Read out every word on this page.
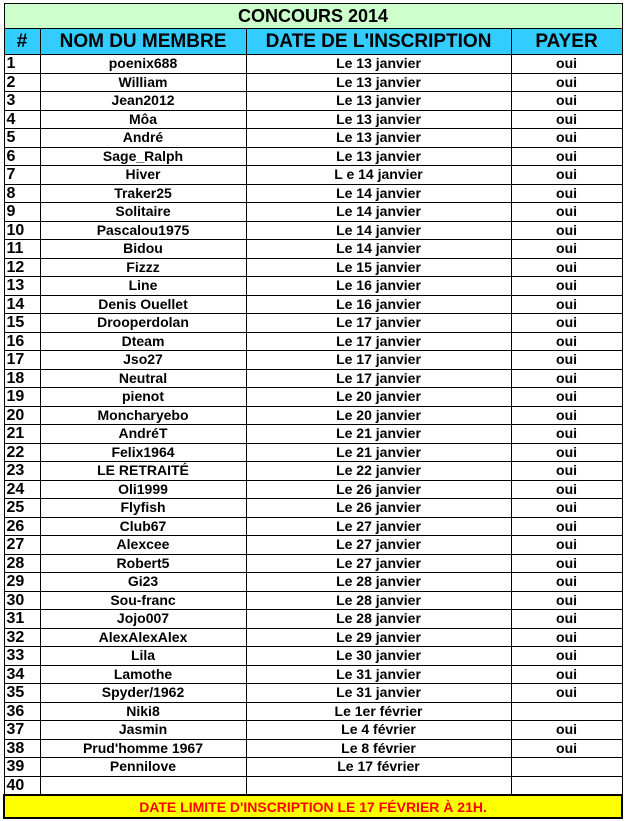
CONCOURS 2014			
#	NOM DU MEMBRE	DATE DE L'INSCRIPTION	PAYER
1	poenix688	Le 13 janvier	oui
2	William	Le 13 janvier	oui
3	Jean2012	Le 13 janvier	oui
4	Môa	Le 13 janvier	oui
5	André	Le 13 janvier	oui
6	Sage_Ralph	Le 13 janvier	oui
7	Hiver	L e 14 janvier	oui
8	Traker25	Le 14 janvier	oui
9	Solitaire	Le 14 janvier	oui
10	Pascalou1975	Le 14 janvier	oui
11	Bidou	Le 14 janvier	oui
12	Fizzz	Le 15 janvier	oui
13	Line	Le 16 janvier	oui
14	Denis Ouellet	Le 16 janvier	oui
15	Drooperdolan	Le 17 janvier	oui
16	Dteam	Le 17 janvier	oui
17	Jso27	Le 17 janvier	oui
18	Neutral	Le 17 janvier	oui
19	pienot	Le 20 janvier	oui
20	Moncharyebo	Le 20 janvier	oui
21	AndréT	Le 21 janvier	oui
22	Felix1964	Le 21 janvier	oui
23	LE RETRAITÉ	Le 22 janvier	oui
24	Oli1999	Le 26 janvier	oui
25	Flyfish	Le 26 janvier	oui
26	Club67	Le 27 janvier	oui
27	Alexcee	Le 27 janvier	oui
28	Robert5	Le 27 janvier	oui
29	Gi23	Le 28 janvier	oui
30	Sou-franc	Le 28 janvier	oui
31	Jojo007	Le 28 janvier	oui
32	AlexAlexAlex	Le 29 janvier	oui
33	Lila	Le 30 janvier	oui
34	Lamothe	Le 31 janvier	oui
35	Spyder/1962	Le 31 janvier	oui
36	Niki8	Le 1er février	
37	Jasmin	Le 4 février	oui
38	Prud'homme 1967	Le 8 février	oui
39	Pennilove	Le 17 février	
40			
DATE LIMITE D'INSCRIPTION LE 17 FÉVRIER À 21H.			
